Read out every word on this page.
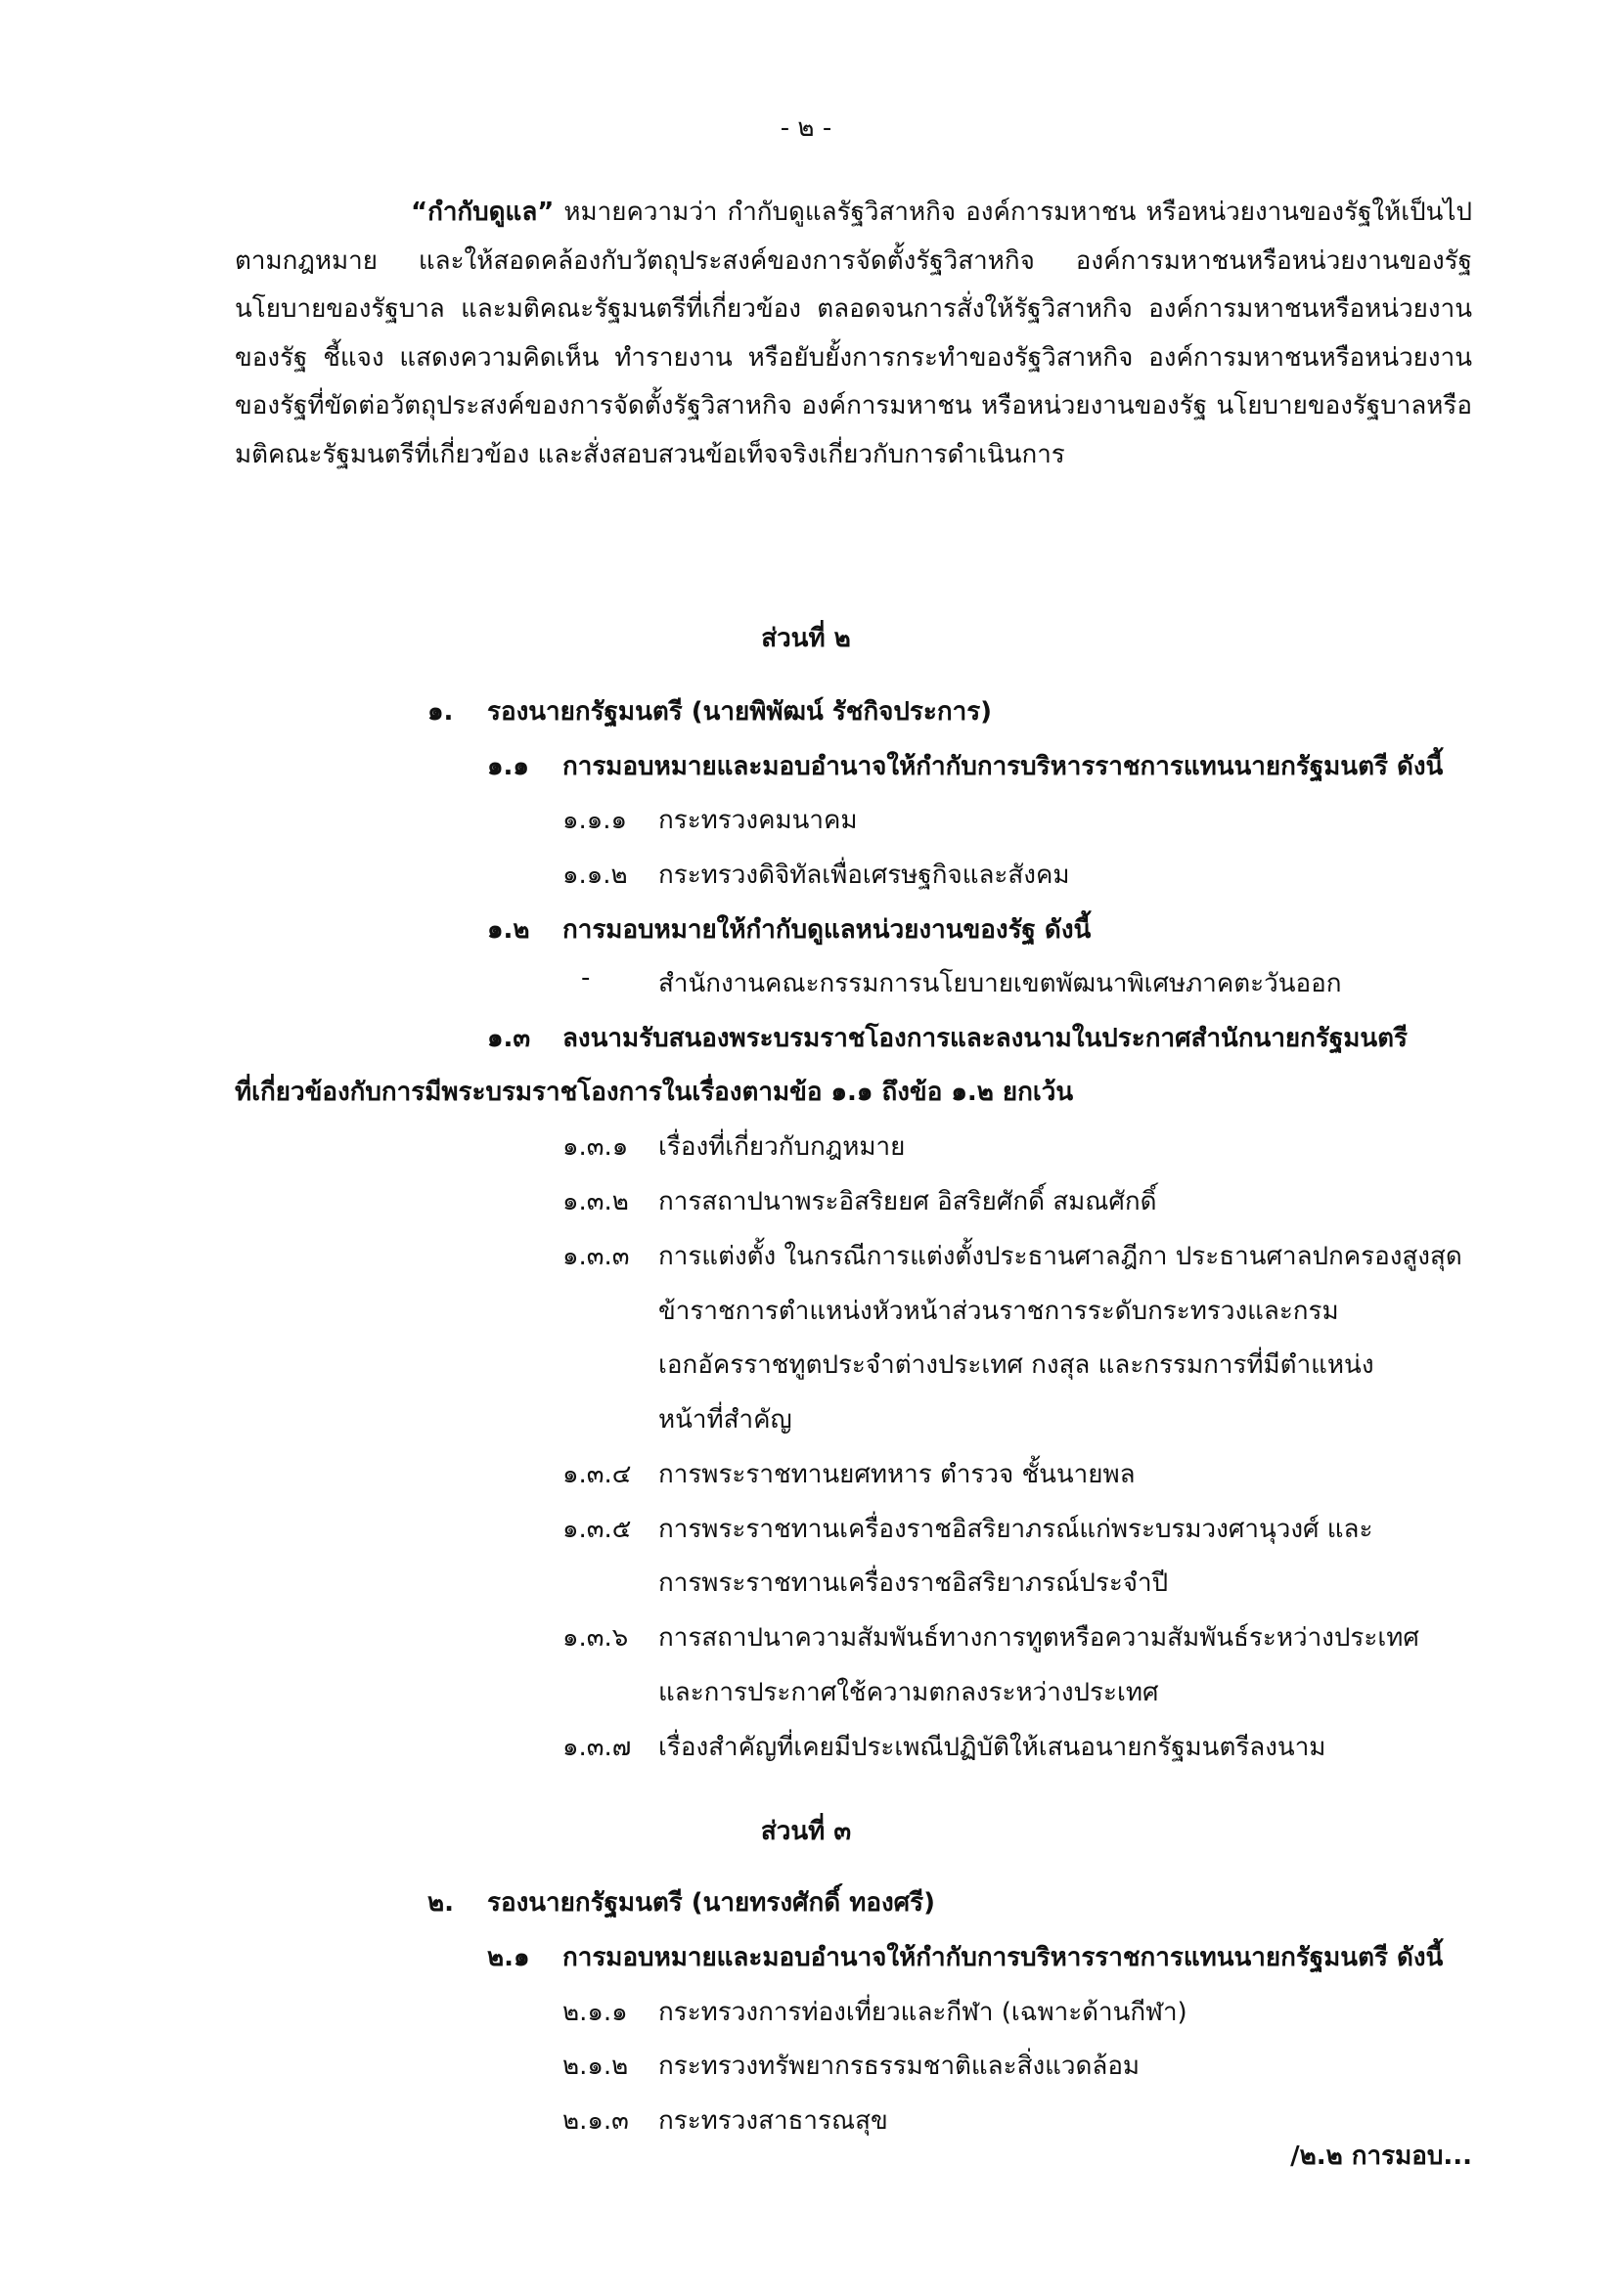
- ๒ -

“กำกับดูแล” หมายความว่า กำกับดูแลรัฐวิสาหกิจ องค์การมหาชน หรือหน่วยงานของรัฐให้เป็นไปตามกฎหมาย และให้สอดคล้องกับวัตถุประสงค์ของการจัดตั้งรัฐวิสาหกิจ องค์การมหาชนหรือหน่วยงานของรัฐ นโยบายของรัฐบาล และมติคณะรัฐมนตรีที่เกี่ยวข้อง ตลอดจนการสั่งให้รัฐวิสาหกิจ องค์การมหาชนหรือหน่วยงานของรัฐ ชี้แจง แสดงความคิดเห็น ทำรายงาน หรือยับยั้งการกระทำของรัฐวิสาหกิจ องค์การมหาชนหรือหน่วยงานของรัฐที่ขัดต่อวัตถุประสงค์ของการจัดตั้งรัฐวิสาหกิจ องค์การมหาชน หรือหน่วยงานของรัฐ นโยบายของรัฐบาลหรือมติคณะรัฐมนตรีที่เกี่ยวข้อง และสั่งสอบสวนข้อเท็จจริงเกี่ยวกับการดำเนินการ

ส่วนที่ ๒
๑. รองนายกรัฐมนตรี (นายพิพัฒน์ รัชกิจประการ)
๑.๑ การมอบหมายและมอบอำนาจให้กำกับการบริหารราชการแทนนายกรัฐมนตรี ดังนี้
๑.๑.๑ กระทรวงคมนาคม
๑.๑.๒ กระทรวงดิจิทัลเพื่อเศรษฐกิจและสังคม
๑.๒ การมอบหมายให้กำกับดูแลหน่วยงานของรัฐ ดังนี้
-	สำนักงานคณะกรรมการนโยบายเขตพัฒนาพิเศษภาคตะวันออก
๑.๓ ลงนามรับสนองพระบรมราชโองการและลงนามในประกาศสำนักนายกรัฐมนตรี
ที่เกี่ยวข้องกับการมีพระบรมราชโองการในเรื่องตามข้อ ๑.๑ ถึงข้อ ๑.๒ ยกเว้น
๑.๓.๑ เรื่องที่เกี่ยวกับกฎหมาย
๑.๓.๒ การสถาปนาพระอิสริยยศ อิสริยศักดิ์ สมณศักดิ์
๑.๓.๓ การแต่งตั้ง ในกรณีการแต่งตั้งประธานศาลฎีกา ประธานศาลปกครองสูงสุด
ข้าราชการตำแหน่งหัวหน้าส่วนราชการระดับกระทรวงและกรม
เอกอัครราชทูตประจำต่างประเทศ กงสุล และกรรมการที่มีตำแหน่ง
หน้าที่สำคัญ
๑.๓.๔ การพระราชทานยศทหาร ตำรวจ ชั้นนายพล
๑.๓.๕ การพระราชทานเครื่องราชอิสริยาภรณ์แก่พระบรมวงศานุวงศ์ และ
การพระราชทานเครื่องราชอิสริยาภรณ์ประจำปี
๑.๓.๖ การสถาปนาความสัมพันธ์ทางการทูตหรือความสัมพันธ์ระหว่างประเทศ
และการประกาศใช้ความตกลงระหว่างประเทศ
๑.๓.๗ เรื่องสำคัญที่เคยมีประเพณีปฏิบัติให้เสนอนายกรัฐมนตรีลงนาม
ส่วนที่ ๓
๒. รองนายกรัฐมนตรี (นายทรงศักดิ์ ทองศรี)
๒.๑ การมอบหมายและมอบอำนาจให้กำกับการบริหารราชการแทนนายกรัฐมนตรี ดังนี้
๒.๑.๑ กระทรวงการท่องเที่ยวและกีฬา (เฉพาะด้านกีฬา)
๒.๑.๒ กระทรวงทรัพยากรธรรมชาติและสิ่งแวดล้อม
๒.๑.๓ กระทรวงสาธารณสุข
/๒.๒ การมอบ...
